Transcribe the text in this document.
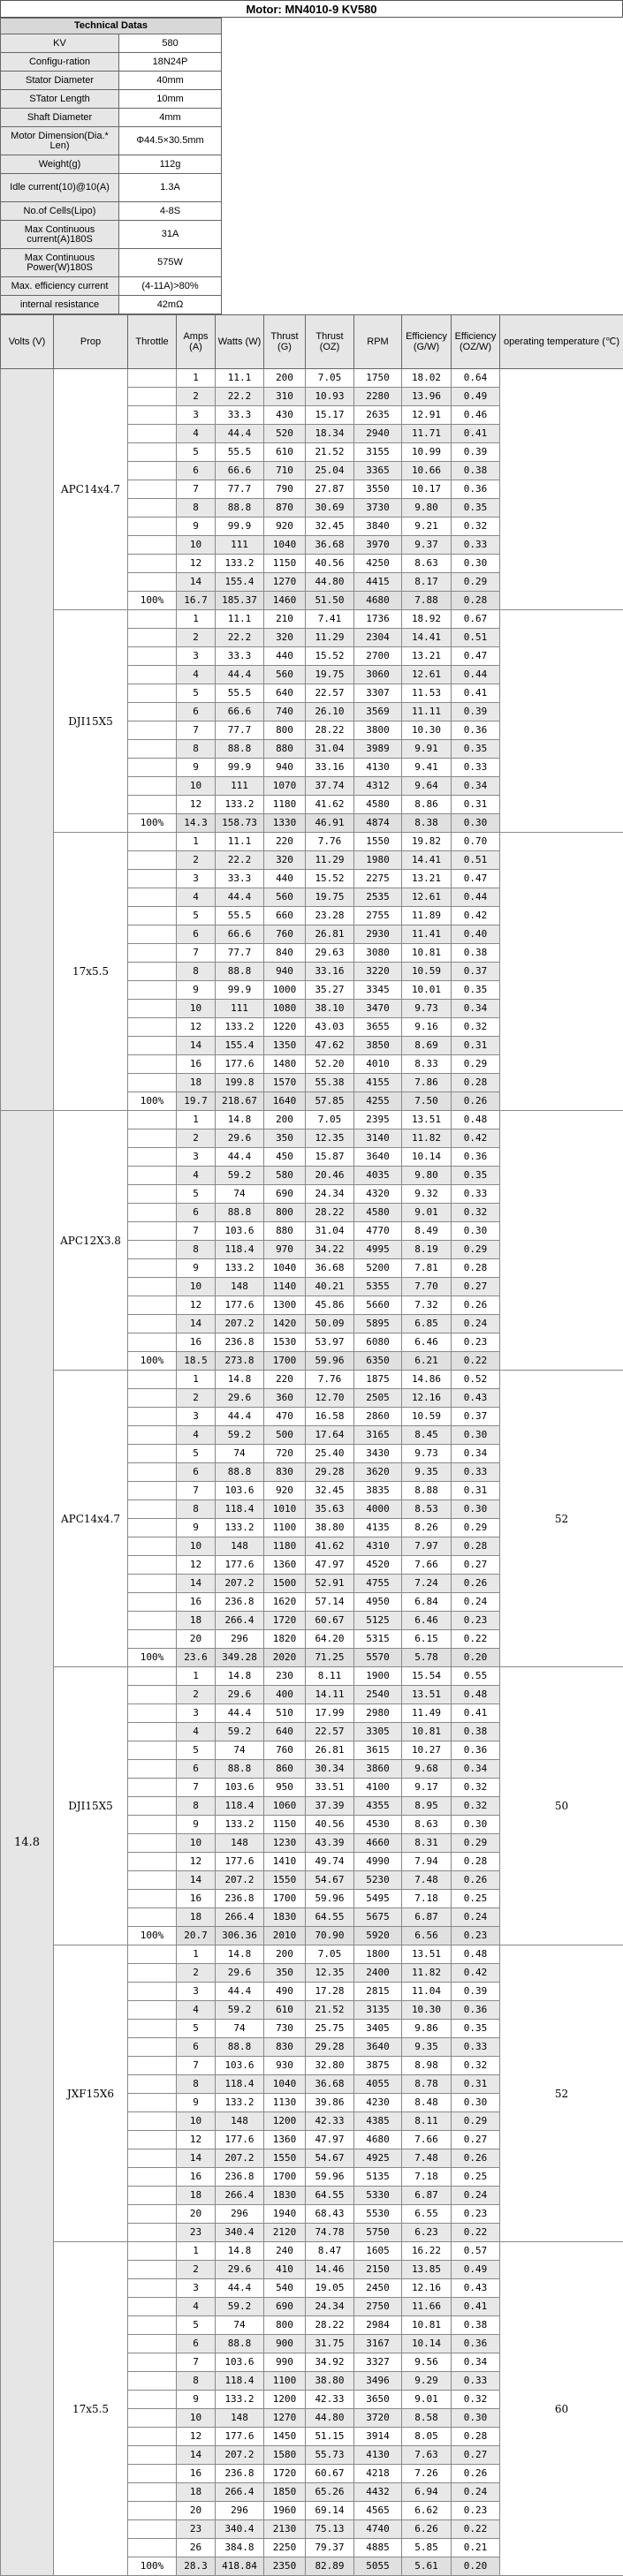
Motor: MN4010-9 KV580
Technical Datas	
KV	580
Configu-ration	18N24P
Stator Diameter	40mm
STator Length	10mm
Shaft Diameter	4mm
Motor Dimension(Dia.* Len)	Φ44.5×30.5mm
Weight(g)	112g
Idle current(10)@10(A)	1.3A
No.of Cells(Lipo)	4-8S
Max Continuous current(A)180S	31A
Max Continuous Power(W)180S	575W
Max. efficiency current	(4-11A)>80%
internal resistance	42mΩ
Volts (V)	Prop	Throttle	Amps (A)	Watts (W)	Thrust (G)	Thrust (OZ)	RPM	Efficiency (G/W)	Efficiency (OZ/W)	operating temperature (℃)
	APC14x4.7		1	11.1	200	7.05	1750	18.02	0.64	
			2	22.2	310	10.93	2280	13.96	0.49	
			3	33.3	430	15.17	2635	12.91	0.46	
			4	44.4	520	18.34	2940	11.71	0.41	
			5	55.5	610	21.52	3155	10.99	0.39	
			6	66.6	710	25.04	3365	10.66	0.38	
			7	77.7	790	27.87	3550	10.17	0.36	
			8	88.8	870	30.69	3730	9.80	0.35	
			9	99.9	920	32.45	3840	9.21	0.32	
			10	111	1040	36.68	3970	9.37	0.33	
			12	133.2	1150	40.56	4250	8.63	0.30	
			14	155.4	1270	44.80	4415	8.17	0.29	
		100%	16.7	185.37	1460	51.50	4680	7.88	0.28	
	DJI15X5		1	11.1	210	7.41	1736	18.92	0.67	
			2	22.2	320	11.29	2304	14.41	0.51	
			3	33.3	440	15.52	2700	13.21	0.47	
			4	44.4	560	19.75	3060	12.61	0.44	
			5	55.5	640	22.57	3307	11.53	0.41	
			6	66.6	740	26.10	3569	11.11	0.39	
			7	77.7	800	28.22	3800	10.30	0.36	
			8	88.8	880	31.04	3989	9.91	0.35	
			9	99.9	940	33.16	4130	9.41	0.33	
			10	111	1070	37.74	4312	9.64	0.34	
			12	133.2	1180	41.62	4580	8.86	0.31	
		100%	14.3	158.73	1330	46.91	4874	8.38	0.30	
	17x5.5		1	11.1	220	7.76	1550	19.82	0.70	
			2	22.2	320	11.29	1980	14.41	0.51	
			3	33.3	440	15.52	2275	13.21	0.47	
			4	44.4	560	19.75	2535	12.61	0.44	
			5	55.5	660	23.28	2755	11.89	0.42	
			6	66.6	760	26.81	2930	11.41	0.40	
			7	77.7	840	29.63	3080	10.81	0.38	
			8	88.8	940	33.16	3220	10.59	0.37	
			9	99.9	1000	35.27	3345	10.01	0.35	
			10	111	1080	38.10	3470	9.73	0.34	
			12	133.2	1220	43.03	3655	9.16	0.32	
			14	155.4	1350	47.62	3850	8.69	0.31	
			16	177.6	1480	52.20	4010	8.33	0.29	
			18	199.8	1570	55.38	4155	7.86	0.28	
		100%	19.7	218.67	1640	57.85	4255	7.50	0.26	
14.8	APC12X3.8		1	14.8	200	7.05	2395	13.51	0.48	
			2	29.6	350	12.35	3140	11.82	0.42	
			3	44.4	450	15.87	3640	10.14	0.36	
			4	59.2	580	20.46	4035	9.80	0.35	
			5	74	690	24.34	4320	9.32	0.33	
			6	88.8	800	28.22	4580	9.01	0.32	
			7	103.6	880	31.04	4770	8.49	0.30	
			8	118.4	970	34.22	4995	8.19	0.29	
			9	133.2	1040	36.68	5200	7.81	0.28	
			10	148	1140	40.21	5355	7.70	0.27	
			12	177.6	1300	45.86	5660	7.32	0.26	
			14	207.2	1420	50.09	5895	6.85	0.24	
			16	236.8	1530	53.97	6080	6.46	0.23	
		100%	18.5	273.8	1700	59.96	6350	6.21	0.22	
	APC14x4.7		1	14.8	220	7.76	1875	14.86	0.52	52
			2	29.6	360	12.70	2505	12.16	0.43	
			3	44.4	470	16.58	2860	10.59	0.37	
			4	59.2	500	17.64	3165	8.45	0.30	
			5	74	720	25.40	3430	9.73	0.34	
			6	88.8	830	29.28	3620	9.35	0.33	
			7	103.6	920	32.45	3835	8.88	0.31	
			8	118.4	1010	35.63	4000	8.53	0.30	
			9	133.2	1100	38.80	4135	8.26	0.29	
			10	148	1180	41.62	4310	7.97	0.28	
			12	177.6	1360	47.97	4520	7.66	0.27	
			14	207.2	1500	52.91	4755	7.24	0.26	
			16	236.8	1620	57.14	4950	6.84	0.24	
			18	266.4	1720	60.67	5125	6.46	0.23	
			20	296	1820	64.20	5315	6.15	0.22	
		100%	23.6	349.28	2020	71.25	5570	5.78	0.20	
	DJI15X5		1	14.8	230	8.11	1900	15.54	0.55	50
			2	29.6	400	14.11	2540	13.51	0.48	
			3	44.4	510	17.99	2980	11.49	0.41	
			4	59.2	640	22.57	3305	10.81	0.38	
			5	74	760	26.81	3615	10.27	0.36	
			6	88.8	860	30.34	3860	9.68	0.34	
			7	103.6	950	33.51	4100	9.17	0.32	
			8	118.4	1060	37.39	4355	8.95	0.32	
			9	133.2	1150	40.56	4530	8.63	0.30	
			10	148	1230	43.39	4660	8.31	0.29	
			12	177.6	1410	49.74	4990	7.94	0.28	
			14	207.2	1550	54.67	5230	7.48	0.26	
			16	236.8	1700	59.96	5495	7.18	0.25	
			18	266.4	1830	64.55	5675	6.87	0.24	
		100%	20.7	306.36	2010	70.90	5920	6.56	0.23	
	JXF15X6		1	14.8	200	7.05	1800	13.51	0.48	52
			2	29.6	350	12.35	2400	11.82	0.42	
			3	44.4	490	17.28	2815	11.04	0.39	
			4	59.2	610	21.52	3135	10.30	0.36	
			5	74	730	25.75	3405	9.86	0.35	
			6	88.8	830	29.28	3640	9.35	0.33	
			7	103.6	930	32.80	3875	8.98	0.32	
			8	118.4	1040	36.68	4055	8.78	0.31	
			9	133.2	1130	39.86	4230	8.48	0.30	
			10	148	1200	42.33	4385	8.11	0.29	
			12	177.6	1360	47.97	4680	7.66	0.27	
			14	207.2	1550	54.67	4925	7.48	0.26	
			16	236.8	1700	59.96	5135	7.18	0.25	
			18	266.4	1830	64.55	5330	6.87	0.24	
			20	296	1940	68.43	5530	6.55	0.23	
			23	340.4	2120	74.78	5750	6.23	0.22	
	17x5.5		1	14.8	240	8.47	1605	16.22	0.57	60
			2	29.6	410	14.46	2150	13.85	0.49	
			3	44.4	540	19.05	2450	12.16	0.43	
			4	59.2	690	24.34	2750	11.66	0.41	
			5	74	800	28.22	2984	10.81	0.38	
			6	88.8	900	31.75	3167	10.14	0.36	
			7	103.6	990	34.92	3327	9.56	0.34	
			8	118.4	1100	38.80	3496	9.29	0.33	
			9	133.2	1200	42.33	3650	9.01	0.32	
			10	148	1270	44.80	3720	8.58	0.30	
			12	177.6	1450	51.15	3914	8.05	0.28	
			14	207.2	1580	55.73	4130	7.63	0.27	
			16	236.8	1720	60.67	4218	7.26	0.26	
			18	266.4	1850	65.26	4432	6.94	0.24	
			20	296	1960	69.14	4565	6.62	0.23	
			23	340.4	2130	75.13	4740	6.26	0.22	
			26	384.8	2250	79.37	4885	5.85	0.21	
		100%	28.3	418.84	2350	82.89	5055	5.61	0.20	
